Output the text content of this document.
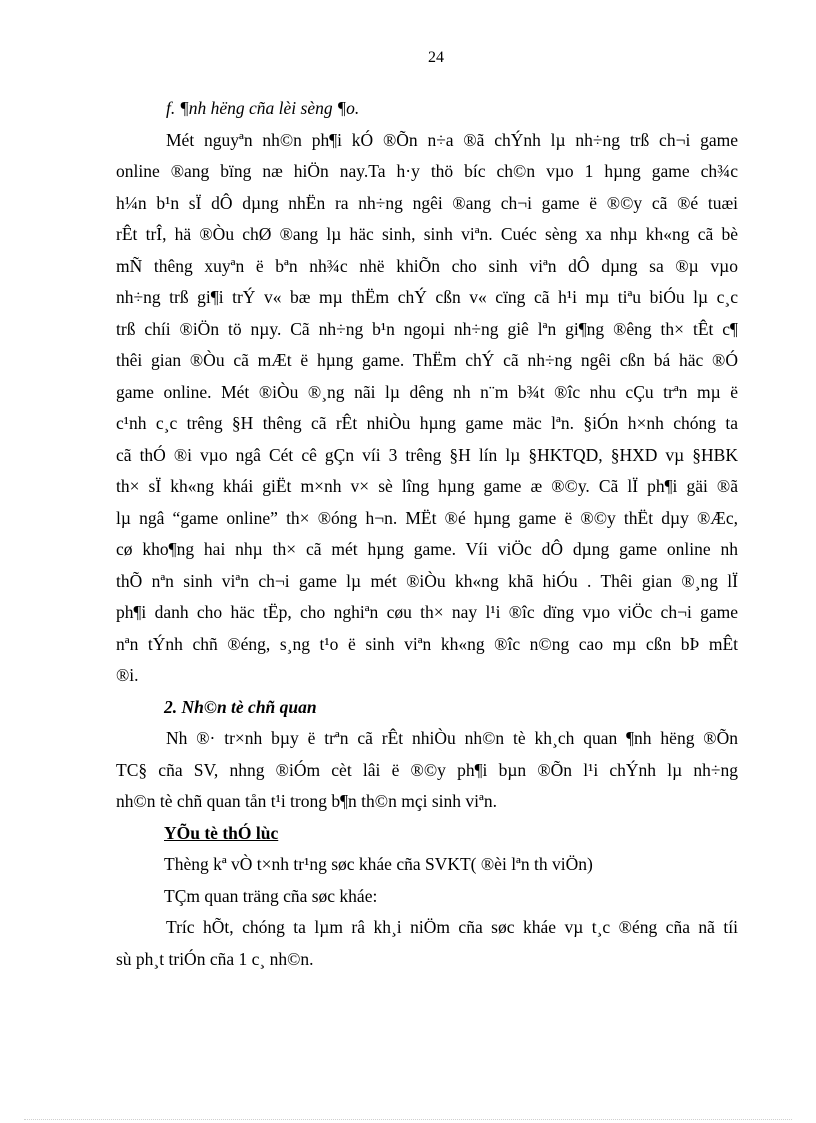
24
f. ¶nh hëng cña lèi sèng ¶o.
Mét nguyªn nh©n ph¶i kÓ ®Õn n÷a ®ã chÝnh lµ nh÷ng trß ch¬i game
online ®ang bïng næ hiÖn nay.Ta h·y thö bíc ch©n vµo 1 hµng game ch¾c
h¼n b¹n sÏ dÔ dµng nhËn ra nh÷ng ngêi ®ang ch¬i game ë ®©y cã ®é tuæi
rÊt trÎ, hä ®Òu chØ ®ang lµ häc sinh, sinh viªn. Cuéc sèng xa nhµ kh«ng cã bè
mÑ thêng xuyªn ë bªn nh¾c nhë khiÕn cho sinh viªn dÔ dµng sa ®µ vµo
nh÷ng trß gi¶i trÝ v« bæ mµ thËm chÝ cßn v« cïng cã h¹i mµ tiªu biÓu lµ c¸c
trß chíi ®iÖn tö nµy. Cã nh÷ng b¹n ngoµi nh÷ng giê lªn gi¶ng ®êng th× tÊt c¶
thêi gian ®Òu cã mÆt ë hµng game. ThËm chÝ cã nh÷ng ngêi cßn bá häc ®Ó
game online. Mét ®iÒu ®¸ng nãi lµ dêng nh n¨m b¾t ®îc nhu cÇu trªn mµ ë
c¹nh c¸c trêng §H thêng cã rÊt nhiÒu hµng game mäc lªn. §iÓn h×nh chóng ta
cã thÓ ®i vµo ngâ Cét cê gÇn víi 3 trêng §H lín lµ §HKTQD, §HXD vµ §HBK
th× sÏ kh«ng khái giËt m×nh v× sè lîng hµng game æ ®©y. Cã lÏ ph¶i gäi ®ã
lµ ngâ “game online” th× ®óng h¬n. MËt ®é hµng game ë ®©y thËt dµy ®Æc,
cø kho¶ng hai nhµ th× cã mét hµng game. Víi viÖc dÔ dµng game online nh
thÕ nªn sinh viªn ch¬i game lµ mét ®iÒu kh«ng khã hiÓu . Thêi gian ®¸ng lÏ
ph¶i danh cho häc tËp, cho nghiªn cøu th× nay l¹i ®îc dïng vµo viÖc ch¬i game
nªn tÝnh chñ ®éng, s¸ng t¹o ë sinh viªn kh«ng ®îc n©ng cao mµ cßn bÞ mÊt
®i.
2. Nh©n tè chñ quan
Nh ®· tr×nh bµy ë trªn cã rÊt nhiÒu nh©n tè kh¸ch quan ¶nh hëng ®Õn
TC§ cña SV, nhng ®iÓm cèt lâi ë ®©y ph¶i bµn ®Õn l¹i chÝnh lµ nh÷ng
nh©n tè chñ quan tån t¹i trong b¶n th©n mçi sinh viªn.
YÕu tè thÓ lùc
Thèng kª vÒ t×nh tr¹ng søc kháe cña SVKT( ®èi lªn th viÖn)
TÇm quan träng cña søc kháe:
Tríc hÕt, chóng ta lµm râ kh¸i niÖm cña søc kháe vµ t¸c ®éng cña nã tíi
sù ph¸t triÓn cña 1 c¸ nh©n.
